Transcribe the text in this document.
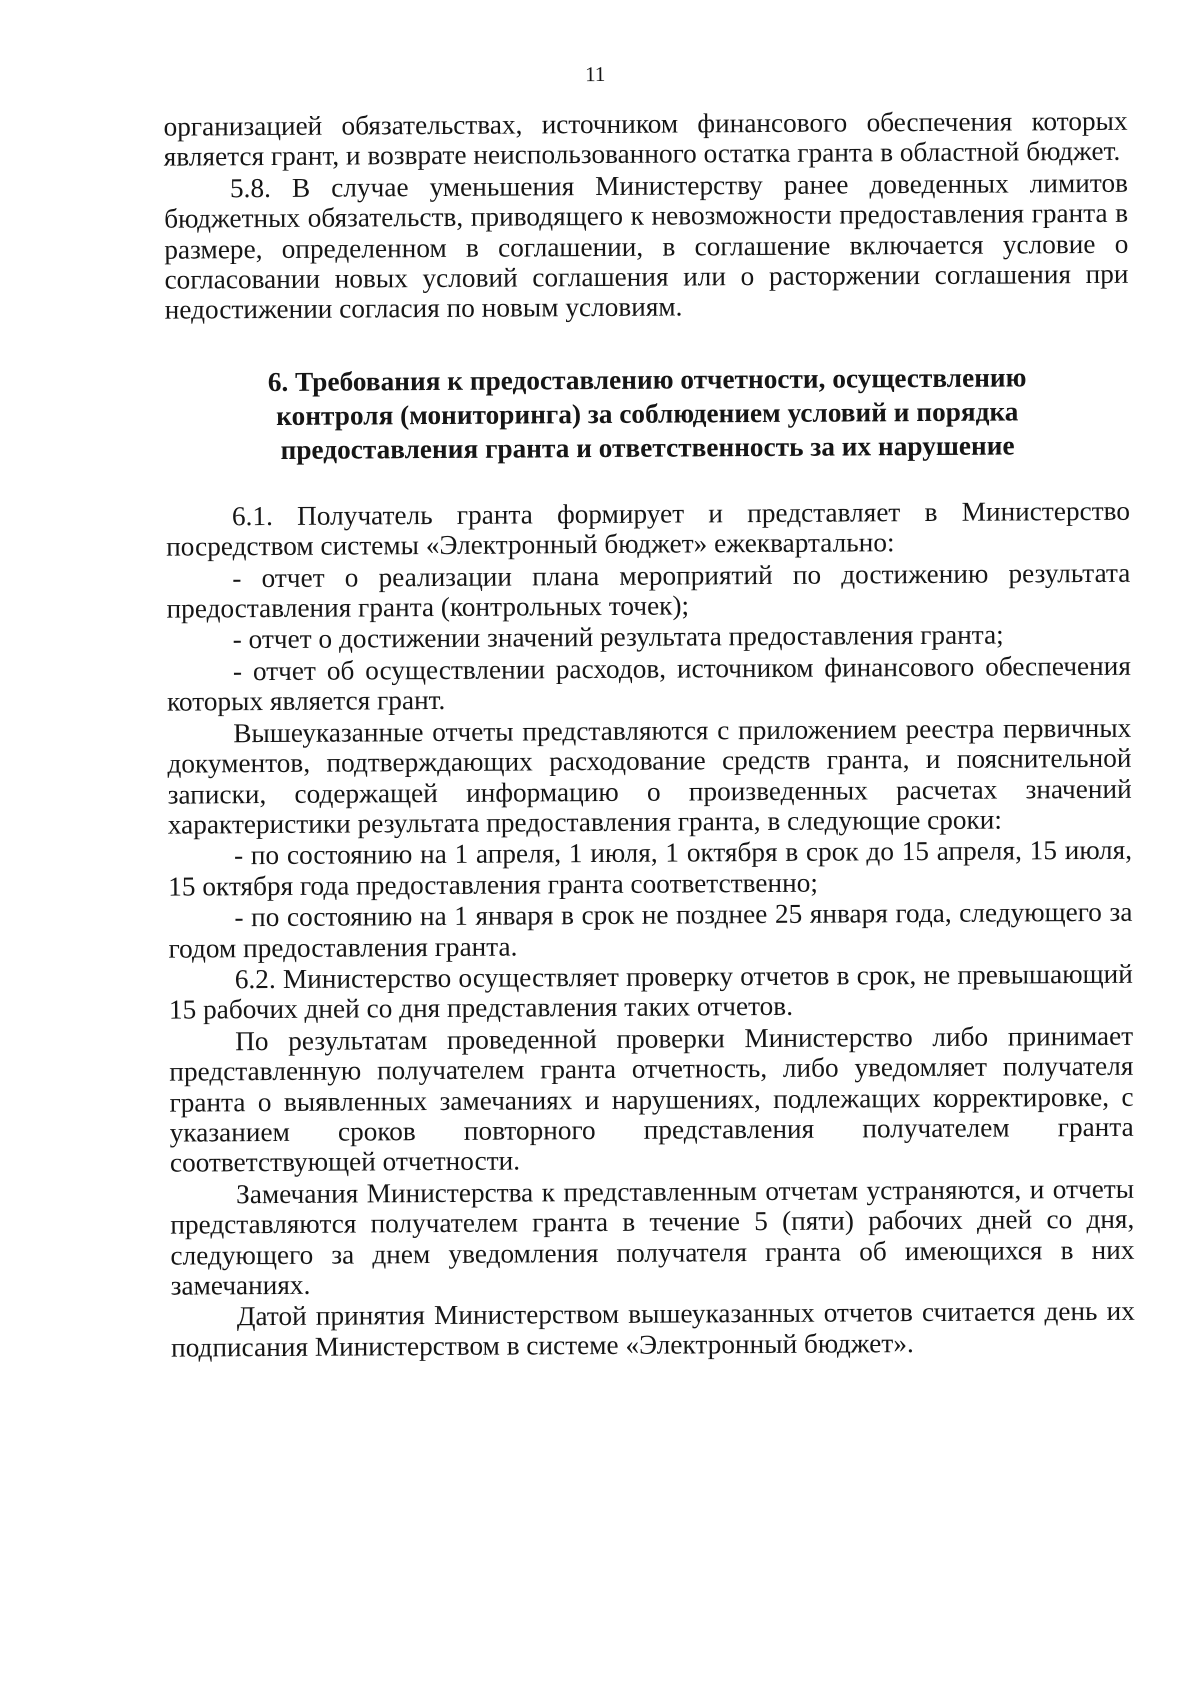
11

организацией обязательствах, источником финансового обеспечения которых является грант, и возврате неиспользованного остатка гранта в областной бюджет.

5.8. В случае уменьшения Министерству ранее доведенных лимитов бюджетных обязательств, приводящего к невозможности предоставления гранта в размере, определенном в соглашении, в соглашение включается условие о согласовании новых условий соглашения или о расторжении соглашения при недостижении согласия по новым условиям.

6. Требования к предоставлению отчетности, осуществлению
контроля (мониторинга) за соблюдением условий и порядка
предоставления гранта и ответственность за их нарушение

6.1. Получатель гранта формирует и представляет в Министерство посредством системы «Электронный бюджет» ежеквартально:

- отчет о реализации плана мероприятий по достижению результата предоставления гранта (контрольных точек);

- отчет о достижении значений результата предоставления гранта;

- отчет об осуществлении расходов, источником финансового обеспечения которых является грант.

Вышеуказанные отчеты представляются с приложением реестра первичных документов, подтверждающих расходование средств гранта, и пояснительной записки, содержащей информацию о произведенных расчетах значений характеристики результата предоставления гранта, в следующие сроки:

- по состоянию на 1 апреля, 1 июля, 1 октября в срок до 15 апреля, 15 июля, 15 октября года предоставления гранта соответственно;

- по состоянию на 1 января в срок не позднее 25 января года, следующего за годом предоставления гранта.

6.2. Министерство осуществляет проверку отчетов в срок, не превышающий 15 рабочих дней со дня представления таких отчетов.

По результатам проведенной проверки Министерство либо принимает представленную получателем гранта отчетность, либо уведомляет получателя гранта о выявленных замечаниях и нарушениях, подлежащих корректировке, с указанием сроков повторного представления получателем гранта соответствующей отчетности.

Замечания Министерства к представленным отчетам устраняются, и отчеты представляются получателем гранта в течение 5 (пяти) рабочих дней со дня, следующего за днем уведомления получателя гранта об имеющихся в них замечаниях.

Датой принятия Министерством вышеуказанных отчетов считается день их подписания Министерством в системе «Электронный бюджет».
